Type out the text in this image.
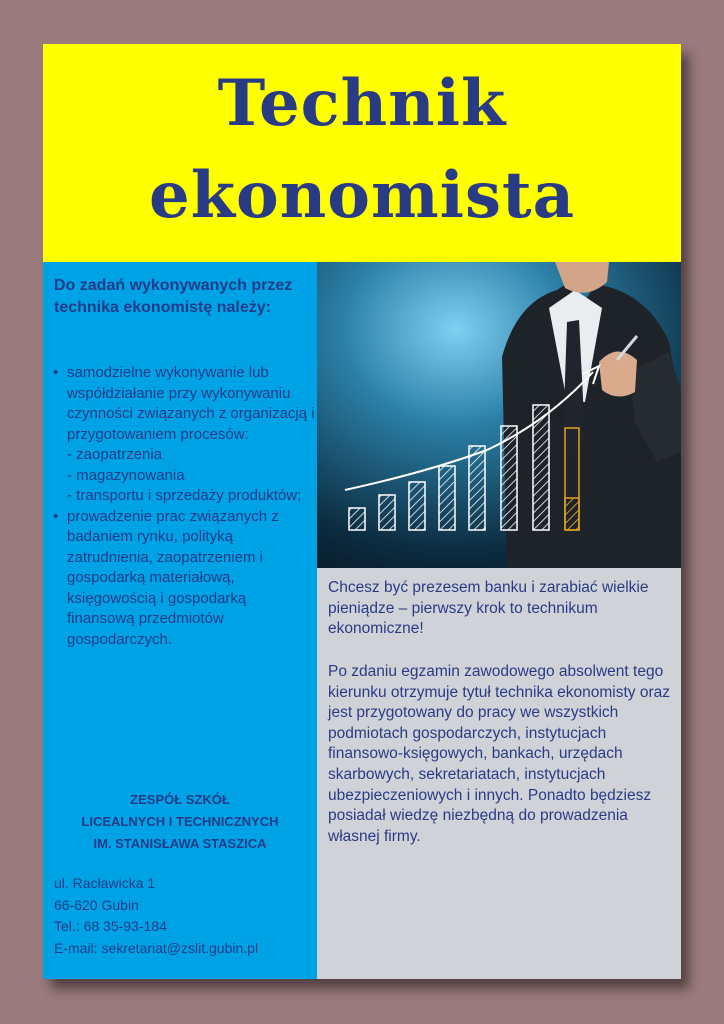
Technik
ekonomista

Do zadań wykonywanych przez technika ekonomistę należy:

• samodzielne wykonywanie lub współdziałanie przy wykonywaniu czynności związanych z organizacją i przygotowaniem procesów:
- zaopatrzenia
- magazynowania
- transportu i sprzedaży produktów;
• prowadzenie prac związanych z badaniem rynku, polityką zatrudnienia, zaopatrzeniem i gospodarką materiałową, księgowością i gospodarką finansową przedmiotów gospodarczych.
ZESPÓŁ SZKÓŁ
LICEALNYCH I TECHNICZNYCH
IM. STANISŁAWA STASZICA
ul. Racławicka 1
66-620 Gubin
Tel.: 68 35-93-184
E-mail: sekretariat@zslit.gubin.pl

Chcesz być prezesem banku i zarabiać wielkie pieniądze – pierwszy krok to technikum ekonomiczne!

Po zdaniu egzamin zawodowego absolwent tego kierunku otrzymuje tytuł technika ekonomisty oraz jest przygotowany do pracy we wszystkich podmiotach gospodarczych, instytucjach finansowo-księgowych, bankach, urzędach skarbowych, sekretariatach, instytucjach ubezpieczeniowych i innych. Ponadto będziesz posiadał wiedzę niezbędną do prowadzenia własnej firmy.
